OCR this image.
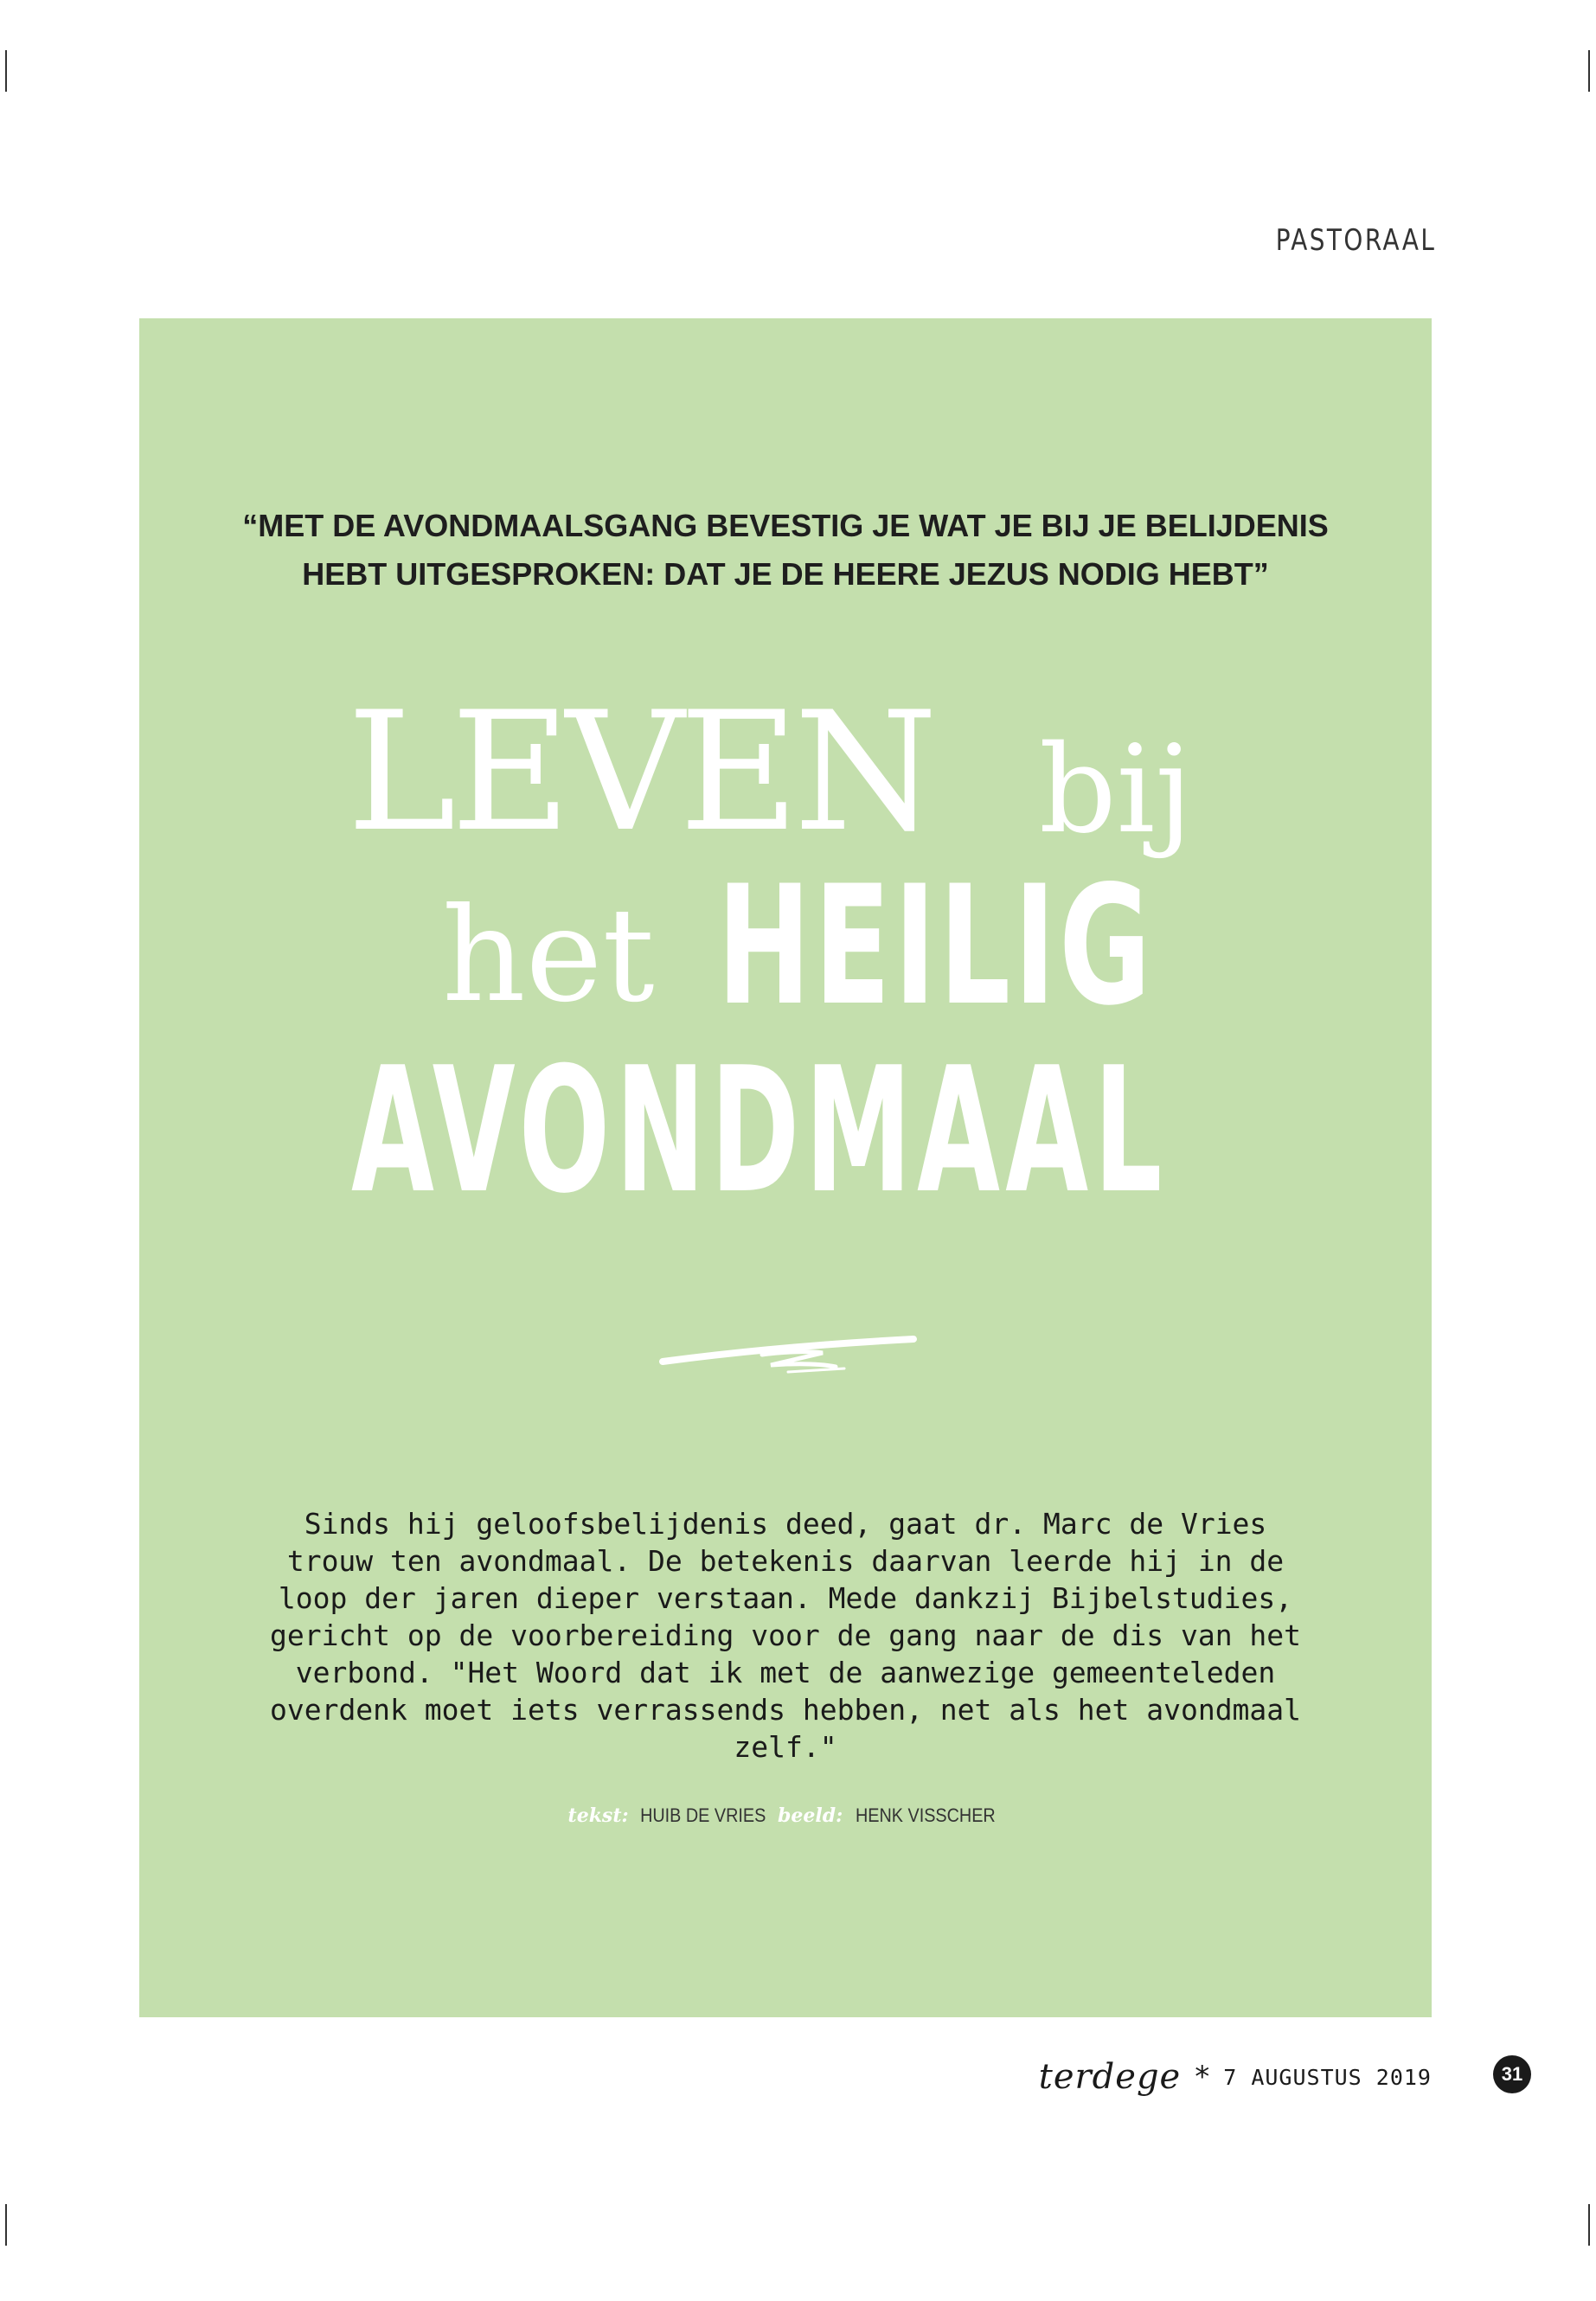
PASTORAAL
“MET DE AVONDMAALSGANG BEVESTIG JE WAT JE BIJ JE BELIJDENIS
HEBT UITGESPROKEN: DAT JE DE HEERE JEZUS NODIG HEBT”
LEVEN bij
het HEILIG
AVONDMAAL
Sinds hij geloofsbelijdenis deed, gaat dr. Marc de Vries
trouw ten avondmaal. De betekenis daarvan leerde hij in de
loop der jaren dieper verstaan. Mede dankzij Bijbelstudies,
gericht op de voorbereiding voor de gang naar de dis van het
verbond. "Het Woord dat ik met de aanwezige gemeenteleden
overdenk moet iets verrassends hebben, net als het avondmaal
zelf."
tekst: HUIB DE VRIES beeld: HENK VISSCHER
terdege * 7 AUGUSTUS 2019	31
